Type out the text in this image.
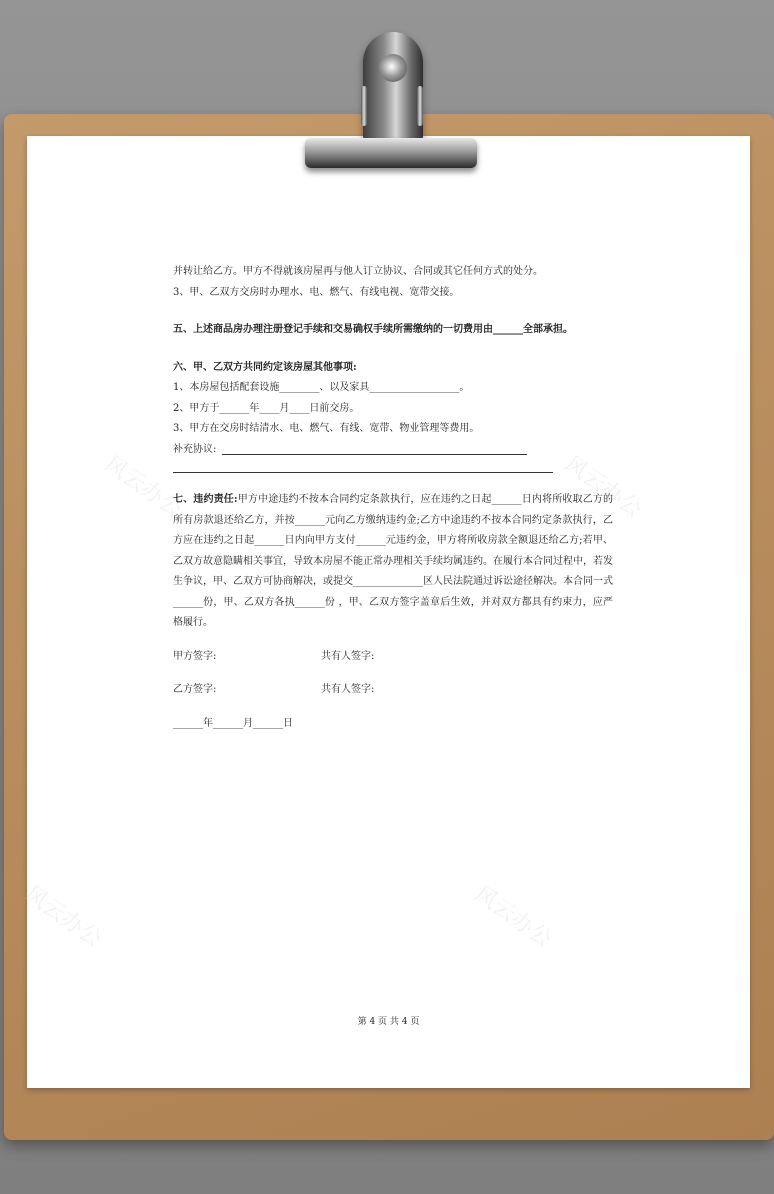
风云办公	风云办公
风云办公	风云办公

并转让给乙方。甲方不得就该房屋再与他人订立协议、合同或其它任何方式的处分。

3、甲、乙双方交房时办理水、电、燃气、有线电视、宽带交接。

五、上述商品房办理注册登记手续和交易确权手续所需缴纳的一切费用由______全部承担。

六、甲、乙双方共同约定该房屋其他事项:

1、本房屋包括配套设施________、以及家具__________________。

2、甲方于______年____月____日前交房。

3、甲方在交房时结清水、电、燃气、有线、宽带、物业管理等费用。

补充协议:

七、违约责任:甲方中途违约不按本合同约定条款执行，应在违约之日起______日内将所收取乙方的所有房款退还给乙方，并按______元向乙方缴纳违约金;乙方中途违约不按本合同约定条款执行，乙方应在违约之日起______日内向甲方支付______元违约金，甲方将所收房款全额退还给乙方;若甲、乙双方故意隐瞒相关事宜，导致本房屋不能正常办理相关手续均属违约。在履行本合同过程中，若发生争议，甲、乙双方可协商解决，或提交______________区人民法院通过诉讼途径解决。本合同一式______份，甲、乙双方各执______份 ，甲、乙双方签字盖章后生效，并对双方都具有约束力，应严格履行。

甲方签字:	共有人签字:
乙方签字:	共有人签字:

______年______月______日

第 4 页 共 4 页
